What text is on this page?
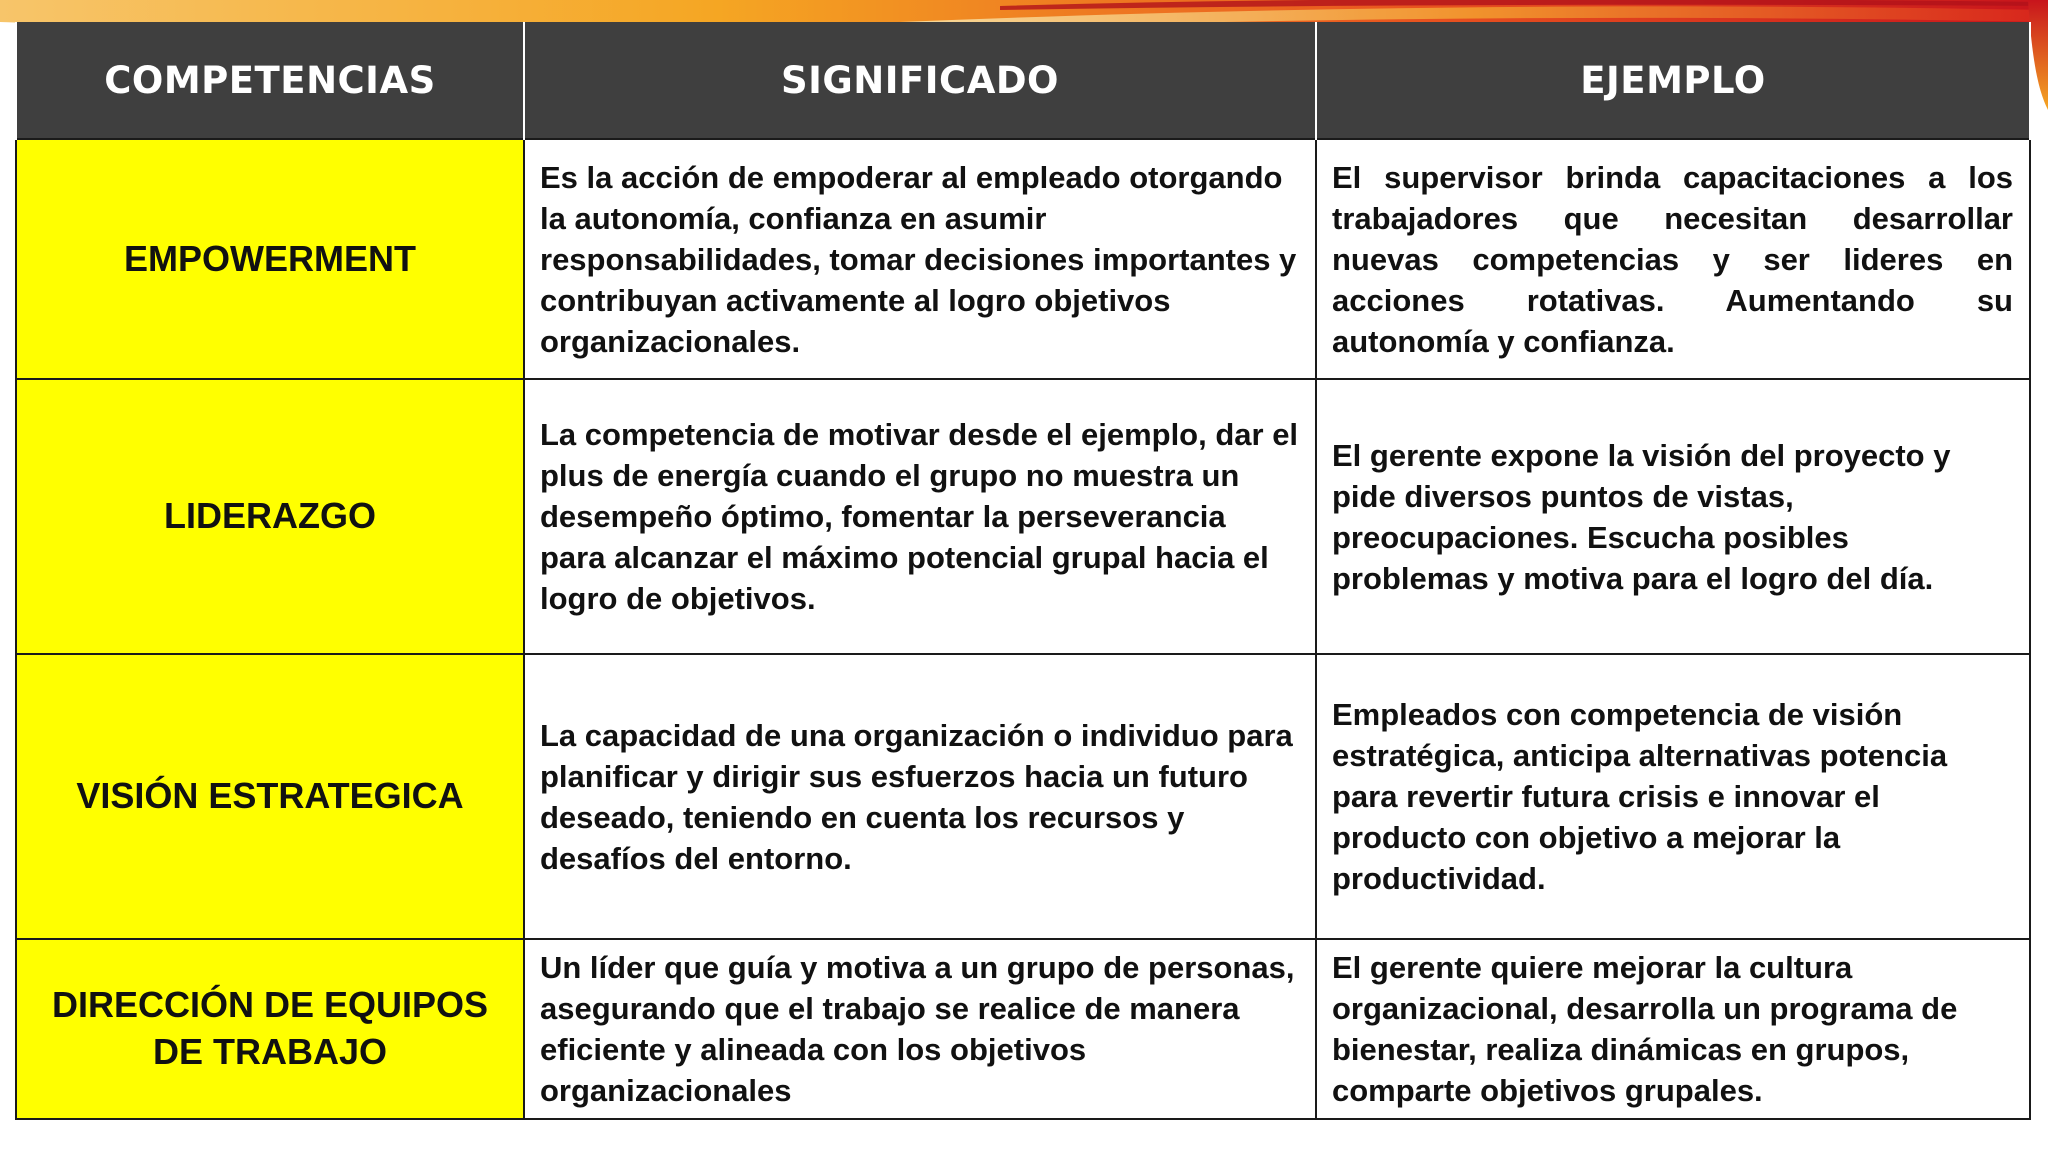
COMPETENCIAS	SIGNIFICADO	EJEMPLO
EMPOWERMENT	Es la acción de empoderar al empleado otorgando la autonomía, confianza en asumir responsabilidades, tomar decisiones importantes y contribuyan activamente al logro objetivos organizacionales.	El supervisor brinda capacitaciones a los trabajadores que necesitan desarrollar nuevas competencias y ser lideres en acciones rotativas. Aumentando su autonomía y confianza.
LIDERAZGO	La competencia de motivar desde el ejemplo, dar el plus de energía cuando el grupo no muestra un desempeño óptimo, fomentar la perseverancia para alcanzar el máximo potencial grupal hacia el logro de objetivos.	El gerente expone la visión del proyecto y pide diversos puntos de vistas, preocupaciones. Escucha posibles problemas y motiva para el logro del día.
VISIÓN ESTRATEGICA	La capacidad de una organización o individuo para planificar y dirigir sus esfuerzos hacia un futuro deseado, teniendo en cuenta los recursos y desafíos del entorno.	Empleados con competencia de visión estratégica, anticipa alternativas potencia para revertir futura crisis e innovar el producto con objetivo a mejorar la productividad.
DIRECCIÓN DE EQUIPOS DE TRABAJO	Un líder que guía y motiva a un grupo de personas, asegurando que el trabajo se realice de manera eficiente y alineada con los objetivos organizacionales	El gerente quiere mejorar la cultura organizacional, desarrolla un programa de bienestar, realiza dinámicas en grupos, comparte objetivos grupales.
